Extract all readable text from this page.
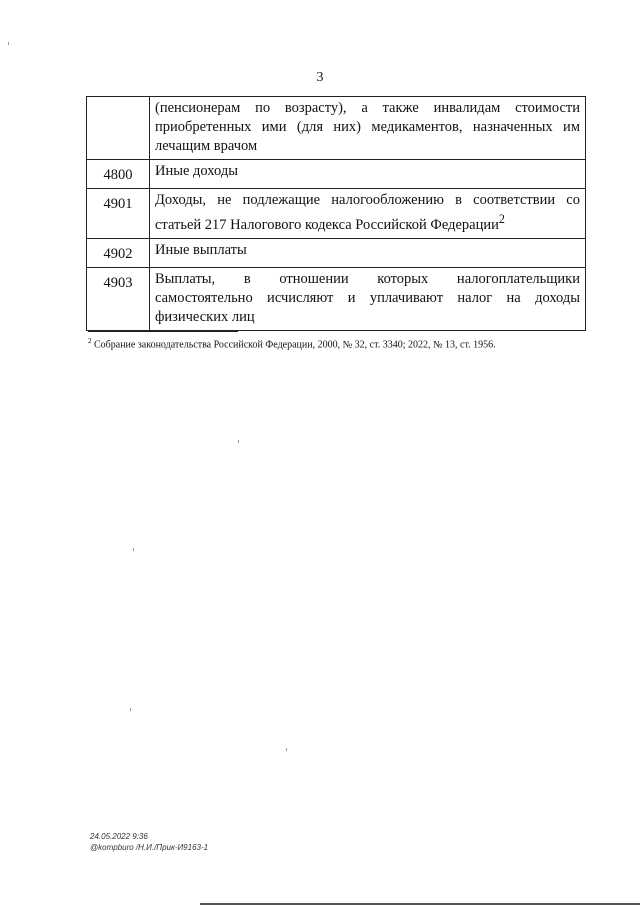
3
	(пенсионерам по возрасту), а также инвалидам стоимости приобретенных ими (для них) медикаментов, назначенных им лечащим врачом
4800	Иные доходы
4901	Доходы, не подлежащие налогообложению в соответствии со статьей 217 Налогового кодекса Российской Федерации$^2$
4902	Иные выплаты
4903	Выплаты, в отношении которых налогоплательщики самостоятельно исчисляют и уплачивают налог на доходы физических лиц
$^2$ Собрание законодательства Российской Федерации, 2000, № 32, ст. 3340; 2022, № 13, ст. 1956.
24.05.2022 9:36
@kompburo /Н.И./Прик-И9163-1
